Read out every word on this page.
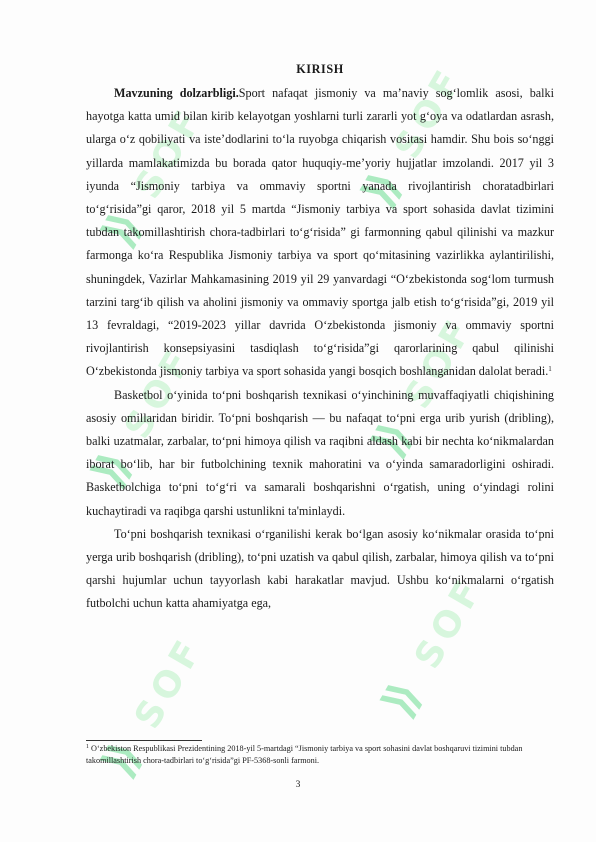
⟫ SOF
⟫ SOF
⟫ SOF
⟫ SOF
⟫ SOF
⟫ SOF
KIRISH

Mavzuning dolzarbligi.Sport nafaqat jismoniy va ma’naviy sog‘lomlik asosi, balki hayotga katta umid bilan kirib kelayotgan yoshlarni turli zararli yot g‘oya va odatlardan asrash, ularga o‘z qobiliyati va iste’dodlarini to‘la ruyobga chiqarish vositasi hamdir. Shu bois so‘nggi yillarda mamlakatimizda bu borada qator huquqiy-me’yoriy hujjatlar imzolandi. 2017 yil 3 iyunda “Jismoniy tarbiya va ommaviy sportni yanada rivojlantirish choratadbirlari to‘g‘risida”gi qaror, 2018 yil 5 martda “Jismoniy tarbiya va sport sohasida davlat tizimini tubdan takomillashtirish chora-tadbirlari to‘g‘risida” gi farmonning qabul qilinishi va mazkur farmonga ko‘ra Respublika Jismoniy tarbiya va sport qo‘mitasining vazirlikka aylantirilishi, shuningdek, Vazirlar Mahkamasining 2019 yil 29 yanvardagi “O‘zbekistonda sog‘lom turmush tarzini targ‘ib qilish va aholini jismoniy va ommaviy sportga jalb etish to‘g‘risida”gi, 2019 yil 13 fevraldagi, “2019-2023 yillar davrida O‘zbekistonda jismoniy va ommaviy sportni rivojlantirish konsepsiyasini tasdiqlash to‘g‘risida”gi qarorlarining qabul qilinishi O‘zbekistonda jismoniy tarbiya va sport sohasida yangi bosqich boshlanganidan dalolat beradi.$^1$

Basketbol o‘yinida to‘pni boshqarish texnikasi o‘yinchining muvaffaqiyatli chiqishining asosiy omillaridan biridir. To‘pni boshqarish — bu nafaqat to‘pni erga urib yurish (dribling), balki uzatmalar, zarbalar, to‘pni himoya qilish va raqibni aldash kabi bir nechta ko‘nikmalardan iborat bo‘lib, har bir futbolchining texnik mahoratini va o‘yinda samaradorligini oshiradi. Basketbolchiga to‘pni to‘g‘ri va samarali boshqarishni o‘rgatish, uning o‘yindagi rolini kuchaytiradi va raqibga qarshi ustunlikni ta'minlaydi.

To‘pni boshqarish texnikasi o‘rganilishi kerak bo‘lgan asosiy ko‘nikmalar orasida to‘pni yerga urib boshqarish (dribling), to‘pni uzatish va qabul qilish, zarbalar, himoya qilish va to‘pni qarshi hujumlar uchun tayyorlash kabi harakatlar mavjud. Ushbu ko‘nikmalarni o‘rgatish futbolchi uchun katta ahamiyatga ega,

$^1$ O‘zbekiston Respublikasi Prezidentining 2018-yil 5-martdagi “Jismoniy tarbiya va sport sohasini davlat boshqaruvi tizimini tubdan takomillashtirish chora-tadbirlari to‘g‘risida”gi PF-5368-sonli farmoni.
3
